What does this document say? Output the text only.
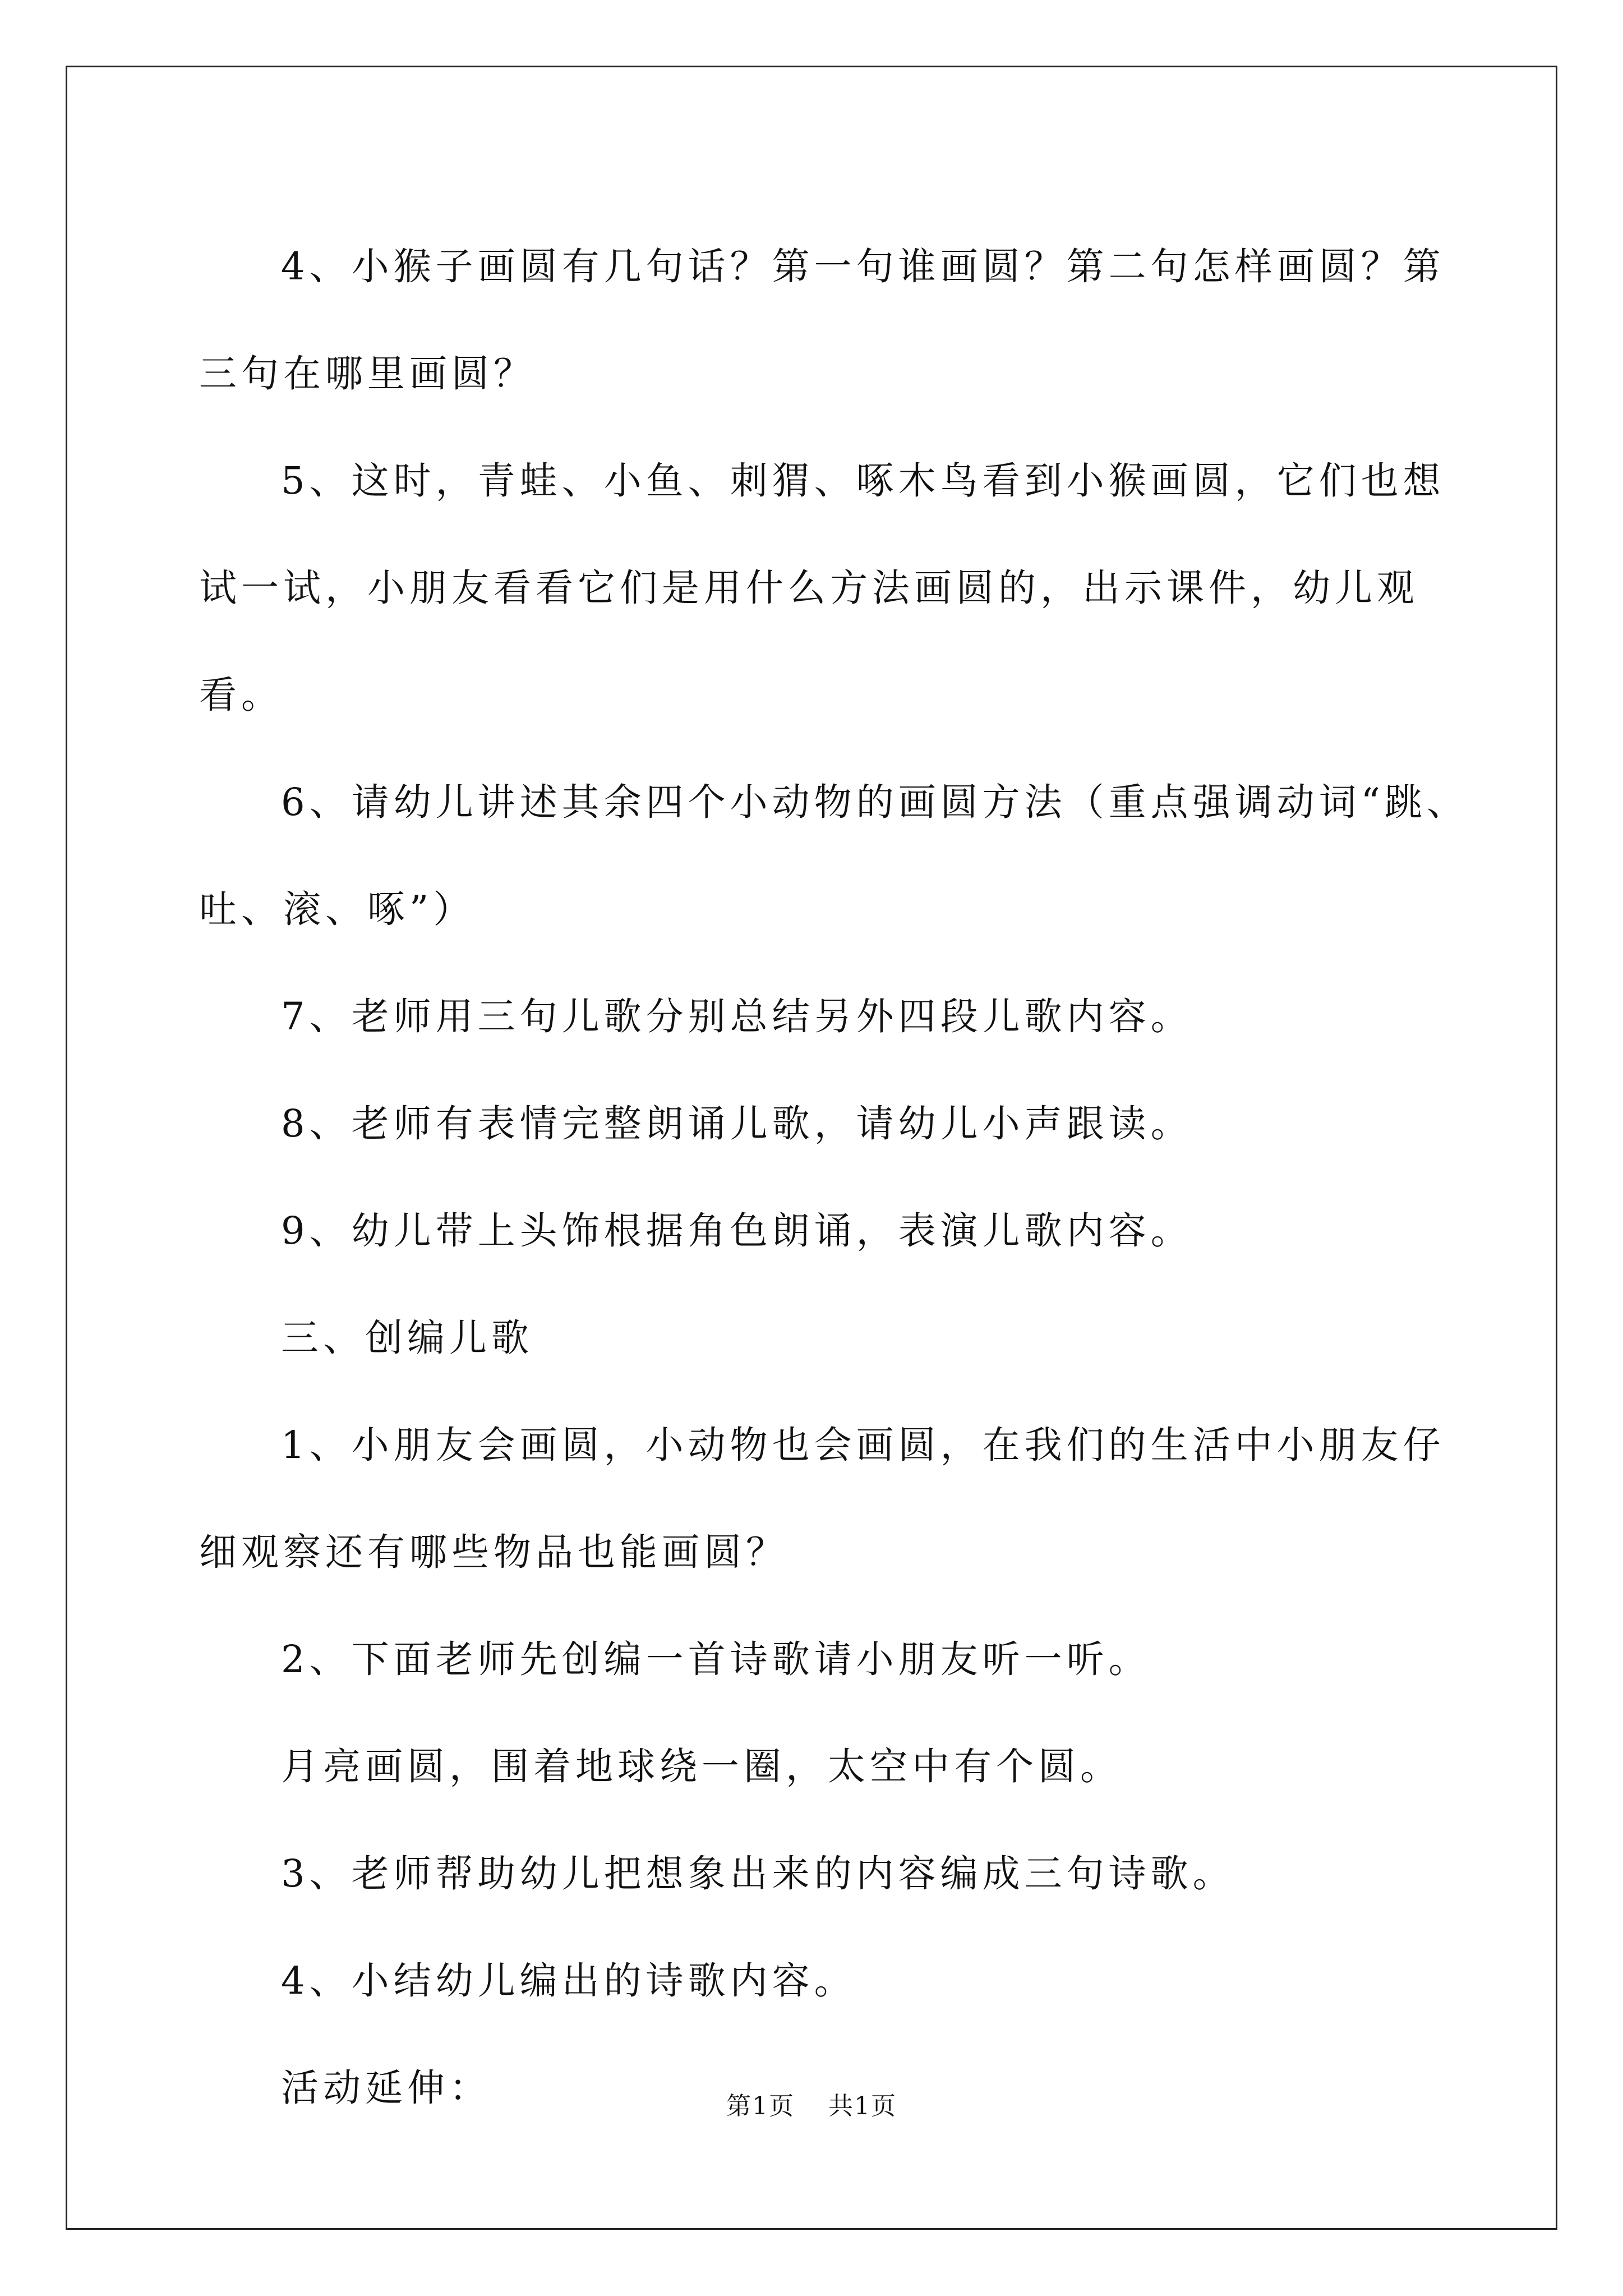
4、小猴子画圆有几句话？第一句谁画圆？第二句怎样画圆？第三句在哪里画圆？

5、这时，青蛙、小鱼、刺猬、啄木鸟看到小猴画圆，它们也想试一试，小朋友看看它们是用什么方法画圆的，出示课件，幼儿观看。

6、请幼儿讲述其余四个小动物的画圆方法（重点强调动词“跳、吐、滚、啄”）

7、老师用三句儿歌分别总结另外四段儿歌内容。

8、老师有表情完整朗诵儿歌，请幼儿小声跟读。

9、幼儿带上头饰根据角色朗诵，表演儿歌内容。

三、创编儿歌

1、小朋友会画圆，小动物也会画圆，在我们的生活中小朋友仔细观察还有哪些物品也能画圆？

2、下面老师先创编一首诗歌请小朋友听一听。

月亮画圆，围着地球绕一圈，太空中有个圆。

3、老师帮助幼儿把想象出来的内容编成三句诗歌。

4、小结幼儿编出的诗歌内容。

活动延伸：	第1页 共1页
